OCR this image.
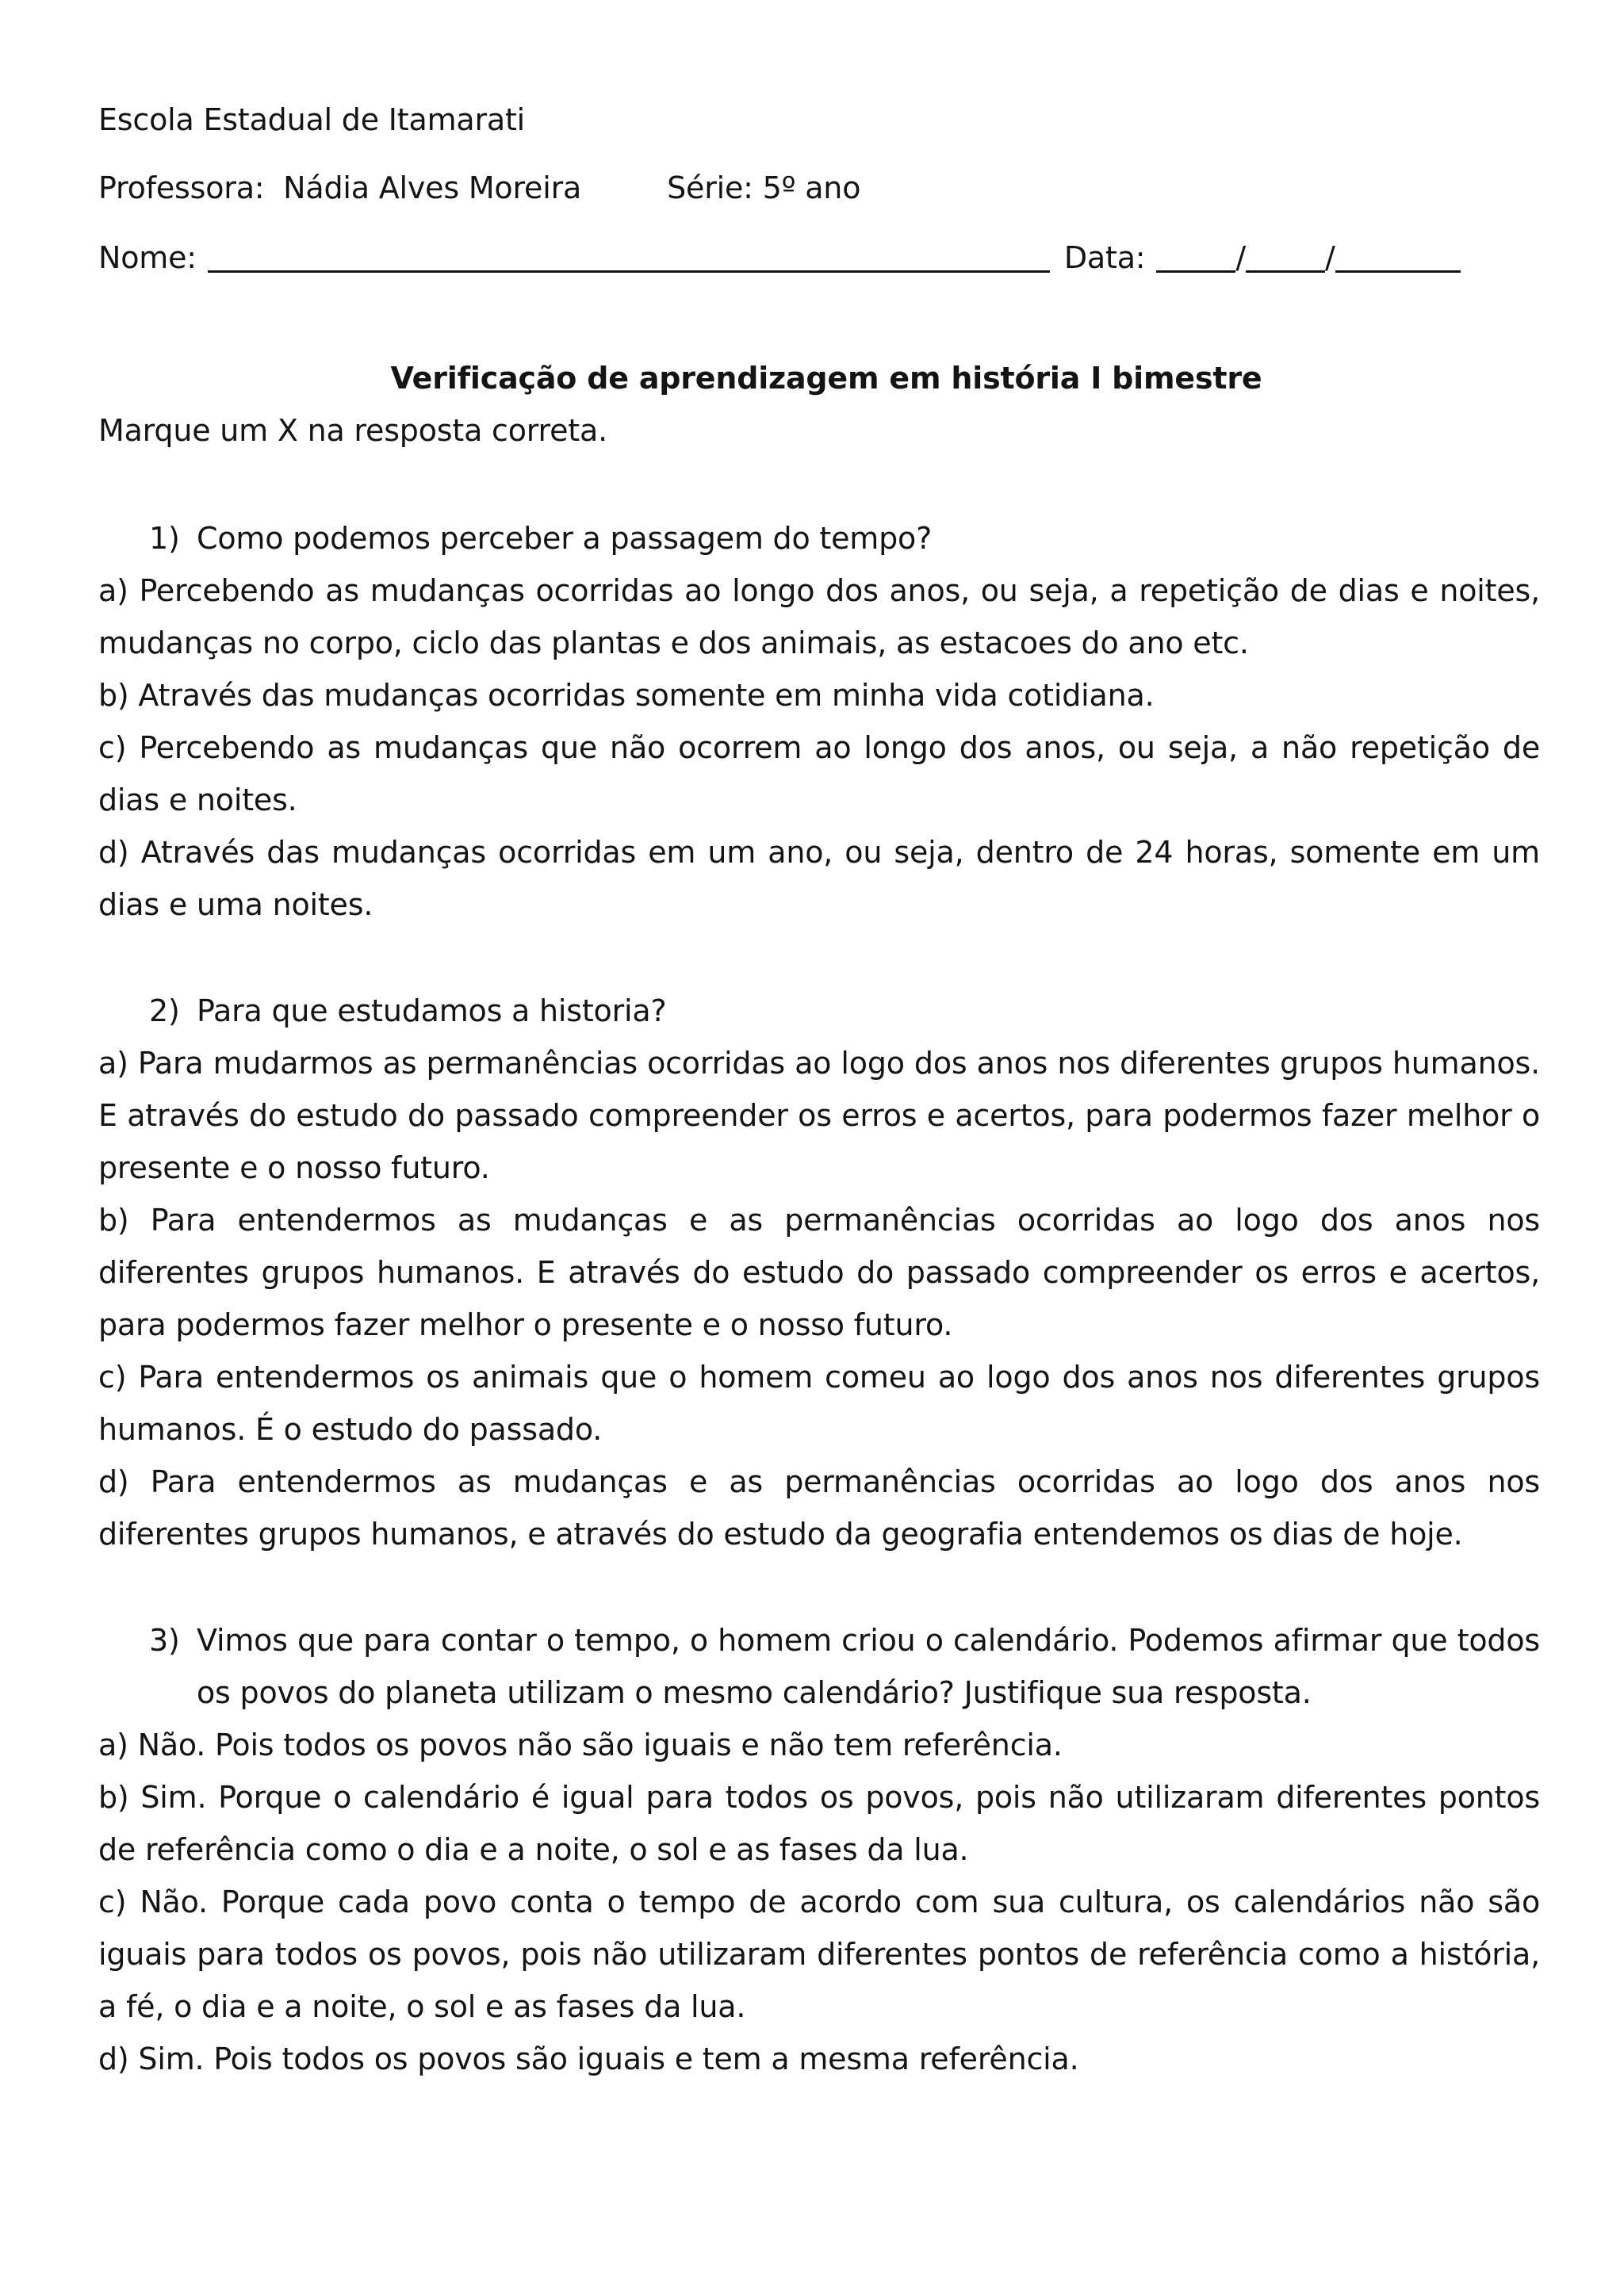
Escola Estadual de Itamarati
Professora:
Nádia Alves Moreira	Série:
5º ano
Nome:	Data:	/	/
Verificação de aprendizagem em história I bimestre
Marque um X na resposta correta.
1) Como podemos perceber a passagem do tempo?

a) Percebendo as mudanças ocorridas ao longo dos anos, ou seja, a repetição de dias e noites, mudanças no corpo, ciclo das plantas e dos animais, as estacoes do ano etc.

b) Através das mudanças ocorridas somente em minha vida cotidiana.

c) Percebendo as mudanças que não ocorrem ao longo dos anos, ou seja, a não repetição de dias e noites.

d) Através das mudanças ocorridas em um ano, ou seja, dentro de 24 horas, somente em um dias e uma noites.

2) Para que estudamos a historia?

a) Para mudarmos as permanências ocorridas ao logo dos anos nos diferentes grupos humanos. E através do estudo do passado compreender os erros e acertos, para podermos fazer melhor o presente e o nosso futuro.

b) Para entendermos as mudanças e as permanências ocorridas ao logo dos anos nos diferentes grupos humanos. E através do estudo do passado compreender os erros e acertos, para podermos fazer melhor o presente e o nosso futuro.

c) Para entendermos os animais que o homem comeu ao logo dos anos nos diferentes grupos humanos. É o estudo do passado.

d) Para entendermos as mudanças e as permanências ocorridas ao logo dos anos nos diferentes grupos humanos, e através do estudo da geografia entendemos os dias de hoje.

3) Vimos que para contar o tempo, o homem criou o calendário. Podemos afirmar que todos os povos do planeta utilizam o mesmo calendário? Justifique sua resposta.

a) Não. Pois todos os povos não são iguais e não tem referência.

b) Sim. Porque o calendário é igual para todos os povos, pois não utilizaram diferentes pontos de referência como o dia e a noite, o sol e as fases da lua.

c) Não. Porque cada povo conta o tempo de acordo com sua cultura, os calendários não são iguais para todos os povos, pois não utilizaram diferentes pontos de referência como a história, a fé, o dia e a noite, o sol e as fases da lua.

d) Sim. Pois todos os povos são iguais e tem a mesma referência.
